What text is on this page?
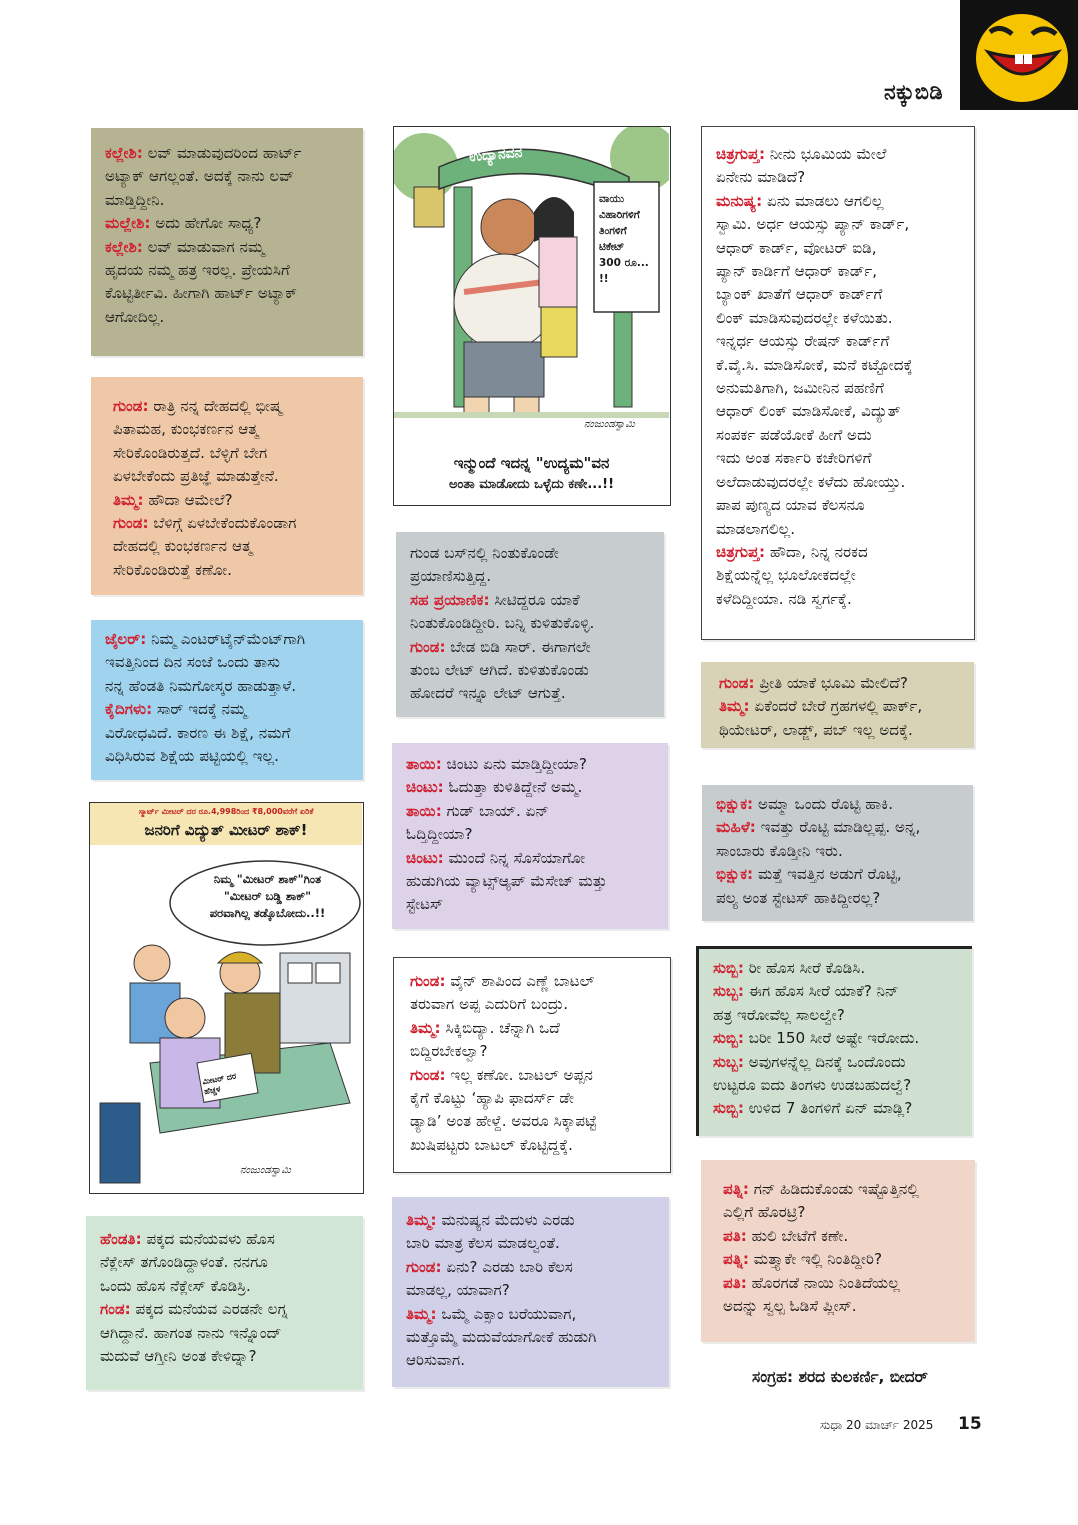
ನಕ್ಕುಬಿಡಿ
ಕಲ್ಲೇಶಿ: ಲವ್ ಮಾಡುವುದರಿಂದ ಹಾರ್ಟ್
ಅಟ್ಯಾಕ್ ಆಗಲ್ಲಂತೆ. ಅದಕ್ಕೆ ನಾನು ಲವ್
ಮಾಡ್ತಿದ್ದೀನಿ.
ಮಲ್ಲೇಶಿ: ಅದು ಹೇಗೋ ಸಾಧ್ಯ?
ಕಲ್ಲೇಶಿ: ಲವ್ ಮಾಡುವಾಗ ನಮ್ಮ
ಹೃದಯ ನಮ್ಮ ಹತ್ರ ಇರಲ್ಲ. ಪ್ರೇಯಸಿಗೆ
ಕೊಟ್ಟಿರ್ತೀವಿ. ಹೀಗಾಗಿ ಹಾರ್ಟ್ ಅಟ್ಯಾಕ್
ಆಗೋದಿಲ್ಲ.
ಗುಂಡ: ರಾತ್ರಿ ನನ್ನ ದೇಹದಲ್ಲಿ ಭೀಷ್ಮ
ಪಿತಾಮಹ, ಕುಂಭಕರ್ಣನ ಆತ್ಮ
ಸೇರಿಕೊಂಡಿರುತ್ತದೆ. ಬೆಳ್ಳಿಗೆ ಬೇಗ
ಏಳಬೇಕೆಂದು ಪ್ರತಿಜ್ಞೆ ಮಾಡುತ್ತೇನೆ.
ತಿಮ್ಮ: ಹೌದಾ ಆಮೇಲೆ?
ಗುಂಡ: ಬೆಳಿಗ್ಗೆ ಏಳಬೇಕೆಂದುಕೊಂಡಾಗ
ದೇಹದಲ್ಲಿ ಕುಂಭಕರ್ಣನ ಆತ್ಮ
ಸೇರಿಕೊಂಡಿರುತ್ತೆ ಕಣೋ.
ಜೈಲರ್: ನಿಮ್ಮ ಎಂಟರ್‌ಟೈನ್‌ಮೆಂಟ್‌ಗಾಗಿ
ಇವತ್ತಿನಿಂದ ದಿನ ಸಂಜೆ ಒಂದು ತಾಸು
ನನ್ನ ಹೆಂಡತಿ ನಿಮಗೋಸ್ಕರ ಹಾಡುತ್ತಾಳೆ.
ಕೈದಿಗಳು: ಸಾರ್ ಇದಕ್ಕೆ ನಮ್ಮ
ವಿರೋಧವಿದೆ. ಕಾರಣ ಈ ಶಿಕ್ಷೆ, ನಮಗೆ
ವಿಧಿಸಿರುವ ಶಿಕ್ಷೆಯ ಪಟ್ಟಿಯಲ್ಲಿ ಇಲ್ಲ.
ಸ್ಮಾರ್ಟ್ ಮೀಟರ್ ದರ ರೂ.4,998ರಿಂದ ₹8,000ವರೆಗೆ ಏರಿಕೆ
ಜನರಿಗೆ ವಿದ್ಯುತ್ ಮೀಟರ್ ಶಾಕ್!
ನಿಮ್ಮ "ಮೀಟರ್ ಶಾಕ್"ಗಿಂತ
"ಮೀಟರ್ ಬಡ್ಡಿ ಶಾಕ್"
ಪರವಾಗಿಲ್ಲ ತಡ್ಕೊಬೋದು..!!
ಮೀಟರ್ ದರ ಹೆಚ್ಚಳ
ನಂಜುಂಡಸ್ವಾಮಿ
ಹೆಂಡತಿ: ಪಕ್ಕದ ಮನೆಯವಳು ಹೊಸ
ನೆಕ್ಲೇಸ್ ತಗೊಂಡಿದ್ದಾಳಂತೆ. ನನಗೂ
ಒಂದು ಹೊಸ ನೆಕ್ಲೇಸ್ ಕೊಡಿಸ್ರಿ.
ಗಂಡ: ಪಕ್ಕದ ಮನೆಯವ ಎರಡನೇ ಲಗ್ನ
ಆಗಿದ್ದಾನೆ. ಹಾಗಂತ ನಾನು ಇನ್ನೊಂದ್
ಮದುವೆ ಆಗ್ತೀನಿ ಅಂತ ಕೇಳಿದ್ನಾ?
ಉದ್ಯಾನವನ
ವಾಯು
ವಿಹಾರಿಗಳಿಗೆ
ತಿಂಗಳಿಗೆ
ಟಿಕೇಟ್
300 ರೂ... !!
ನಂಜುಂಡಸ್ವಾಮಿ
ಇನ್ಮುಂದೆ ಇದನ್ನ "ಉದ್ಯಮ"ವನ
ಅಂತಾ ಮಾಡೋದು ಒಳ್ಳೆದು ಕಣೇ...!!
ಗುಂಡ ಬಸ್‌ನಲ್ಲಿ ನಿಂತುಕೊಂಡೇ
ಪ್ರಯಾಣಿಸುತ್ತಿದ್ದ.
ಸಹ ಪ್ರಯಾಣಿಕ: ಸೀಟಿದ್ದರೂ ಯಾಕೆ
ನಿಂತುಕೊಂಡಿದ್ದೀರಿ. ಬನ್ನಿ ಕುಳಿತುಕೊಳ್ಳಿ.
ಗುಂಡ: ಬೇಡ ಬಿಡಿ ಸಾರ್. ಈಗಾಗಲೇ
ತುಂಬ ಲೇಟ್ ಆಗಿದೆ. ಕುಳಿತುಕೊಂಡು
ಹೋದರೆ ಇನ್ನೂ ಲೇಟ್ ಆಗುತ್ತೆ.
ತಾಯಿ: ಚಿಂಟು ಏನು ಮಾಡ್ತಿದ್ದೀಯಾ?
ಚಿಂಟು: ಓದುತ್ತಾ ಕುಳಿತಿದ್ದೇನೆ ಅಮ್ಮ.
ತಾಯಿ: ಗುಡ್ ಬಾಯ್. ಏನ್
ಓದ್ತಿದ್ದೀಯಾ?
ಚಿಂಟು: ಮುಂದೆ ನಿನ್ನ ಸೊಸೆಯಾಗೋ
ಹುಡುಗಿಯ ವ್ಯಾಟ್ಸ್‌ಆ್ಯಪ್ ಮೆಸೇಜ್ ಮತ್ತು
ಸ್ಟೇಟಸ್
ಗುಂಡ: ವೈನ್ ಶಾಪಿಂದ ಎಣ್ಣೆ ಬಾಟಲ್
ತರುವಾಗ ಅಪ್ಪ ಎದುರಿಗೆ ಬಂದ್ರು.
ತಿಮ್ಮ: ಸಿಕ್ಕಿಬಿದ್ಯಾ. ಚೆನ್ನಾಗಿ ಒದೆ
ಬಿದ್ದಿರಬೇಕಲ್ವಾ?
ಗುಂಡ: ಇಲ್ಲ ಕಣೋ. ಬಾಟಲ್ ಅಪ್ಪನ
ಕೈಗೆ ಕೊಟ್ಟು ‘ಹ್ಯಾಪಿ ಫಾದರ್ಸ್ ಡೇ
ಡ್ಯಾಡಿ’ ಅಂತ ಹೇಳ್ದೆ. ಅವರೂ ಸಿಕ್ಕಾಪಟ್ಟೆ
ಖುಷಿಪಟ್ಟರು ಬಾಟಲ್ ಕೊಟ್ಟಿದ್ದಕ್ಕೆ.
ತಿಮ್ಮ: ಮನುಷ್ಯನ ಮೆದುಳು ಎರಡು
ಬಾರಿ ಮಾತ್ರ ಕೆಲಸ ಮಾಡಲ್ವಂತೆ.
ಗುಂಡ: ಏನು? ಎರಡು ಬಾರಿ ಕೆಲಸ
ಮಾಡಲ್ಲ, ಯಾವಾಗ?
ತಿಮ್ಮ: ಒಮ್ಮೆ ಎಕ್ಸಾಂ ಬರೆಯುವಾಗ,
ಮತ್ತೊಮ್ಮೆ ಮದುವೆಯಾಗೋಕೆ ಹುಡುಗಿ
ಆರಿಸುವಾಗ.
ಚಿತ್ರಗುಪ್ತ: ನೀನು ಭೂಮಿಯ ಮೇಲೆ
ಏನೇನು ಮಾಡಿದೆ?
ಮನುಷ್ಯ: ಏನು ಮಾಡಲು ಆಗಲಿಲ್ಲ
ಸ್ವಾಮಿ. ಅರ್ಧ ಆಯಸ್ಸು ಪ್ಯಾನ್ ಕಾರ್ಡ್,
ಆಧಾರ್ ಕಾರ್ಡ್, ವೋಟರ್ ಐಡಿ,
ಪ್ಯಾನ್ ಕಾರ್ಡಿಗೆ ಆಧಾರ್ ಕಾರ್ಡ್,
ಬ್ಯಾಂಕ್ ಖಾತೆಗೆ ಆಧಾರ್ ಕಾರ್ಡ್‌ಗೆ
ಲಿಂಕ್ ಮಾಡಿಸುವುದರಲ್ಲೇ ಕಳೆಯಿತು.
ಇನ್ನರ್ಧ ಆಯಸ್ಸು ರೇಷನ್ ಕಾರ್ಡ್‌ಗೆ
ಕೆ.ವೈ.ಸಿ. ಮಾಡಿಸೋಕೆ, ಮನೆ ಕಟ್ಟೋದಕ್ಕೆ
ಅನುಮತಿಗಾಗಿ, ಜಮೀನಿನ ಪಹಣಿಗೆ
ಆಧಾರ್ ಲಿಂಕ್ ಮಾಡಿಸೋಕೆ, ವಿದ್ಯುತ್
ಸಂಪರ್ಕ ಪಡೆಯೋಕೆ ಹೀಗೆ ಅದು
ಇದು ಅಂತ ಸರ್ಕಾರಿ ಕಚೇರಿಗಳಿಗೆ
ಅಲೆದಾಡುವುದರಲ್ಲೇ ಕಳೆದು ಹೋಯ್ತು.
ಪಾಪ ಪುಣ್ಯದ ಯಾವ ಕೆಲಸನೂ
ಮಾಡಲಾಗಲಿಲ್ಲ.
ಚಿತ್ರಗುಪ್ತ: ಹೌದಾ, ನಿನ್ನ ನರಕದ
ಶಿಕ್ಷೆಯನ್ನೆಲ್ಲ ಭೂಲೋಕದಲ್ಲೇ
ಕಳೆದಿದ್ದೀಯಾ. ನಡಿ ಸ್ವರ್ಗಕ್ಕೆ.
ಗುಂಡ: ಪ್ರೀತಿ ಯಾಕೆ ಭೂಮಿ ಮೇಲಿದೆ?
ತಿಮ್ಮ: ಏಕೆಂದರೆ ಬೇರೆ ಗ್ರಹಗಳಲ್ಲಿ ಪಾರ್ಕ್,
ಥಿಯೇಟರ್, ಲಾಡ್ಜ್, ಪಬ್ ಇಲ್ಲ ಅದಕ್ಕೆ.
ಭಿಕ್ಷುಕ: ಅಮ್ಮಾ ಒಂದು ರೊಟ್ಟಿ ಹಾಕಿ.
ಮಹಿಳೆ: ಇವತ್ತು ರೊಟ್ಟಿ ಮಾಡಿಲ್ಲಪ್ಪ. ಅನ್ನ,
ಸಾಂಬಾರು ಕೊಡ್ತೀನಿ ಇರು.
ಭಿಕ್ಷುಕ: ಮತ್ತೆ ಇವತ್ತಿನ ಅಡುಗೆ ರೊಟ್ಟಿ,
ಪಲ್ಯ ಅಂತ ಸ್ಟೇಟಸ್ ಹಾಕಿದ್ದೀರಲ್ಲ?
ಸುಬ್ಬಿ: ರೀ ಹೊಸ ಸೀರೆ ಕೊಡಿಸಿ.
ಸುಬ್ಬ: ಈಗ ಹೊಸ ಸೀರೆ ಯಾಕೆ? ನಿನ್
ಹತ್ರ ಇರೋವೆಲ್ಲ ಸಾಲಲ್ವೇ?
ಸುಬ್ಬಿ: ಬರೀ 150 ಸೀರೆ ಅಷ್ಟೇ ಇರೋದು.
ಸುಬ್ಬ: ಅವುಗಳನ್ನೆಲ್ಲ ದಿನಕ್ಕೆ ಒಂದೊಂದು
ಉಟ್ಟರೂ ಐದು ತಿಂಗಳು ಉಡಬಹುದಲ್ವೆ?
ಸುಬ್ಬಿ: ಉಳಿದ 7 ತಿಂಗಳಿಗೆ ಏನ್ ಮಾಡ್ಲಿ?
ಪತ್ನಿ: ಗನ್ ಹಿಡಿದುಕೊಂಡು ಇಷ್ಟೊತ್ತಿನಲ್ಲಿ
ಎಲ್ಲಿಗೆ ಹೊರಟ್ರಿ?
ಪತಿ: ಹುಲಿ ಬೇಟೆಗೆ ಕಣೇ.
ಪತ್ನಿ: ಮತ್ತ್ಯಾಕೇ ಇಲ್ಲಿ ನಿಂತಿದ್ದೀರಿ?
ಪತಿ: ಹೊರಗಡೆ ನಾಯಿ ನಿಂತಿದೆಯಲ್ಲ
ಅದನ್ನು ಸ್ವಲ್ಪ ಓಡಿಸೆ ಪ್ಲೀಸ್.
ಸಂಗ್ರಹ: ಶರದ ಕುಲಕರ್ಣಿ, ಬೀದರ್
ಸುಧಾ 20 ಮಾರ್ಚ್ 2025 15
